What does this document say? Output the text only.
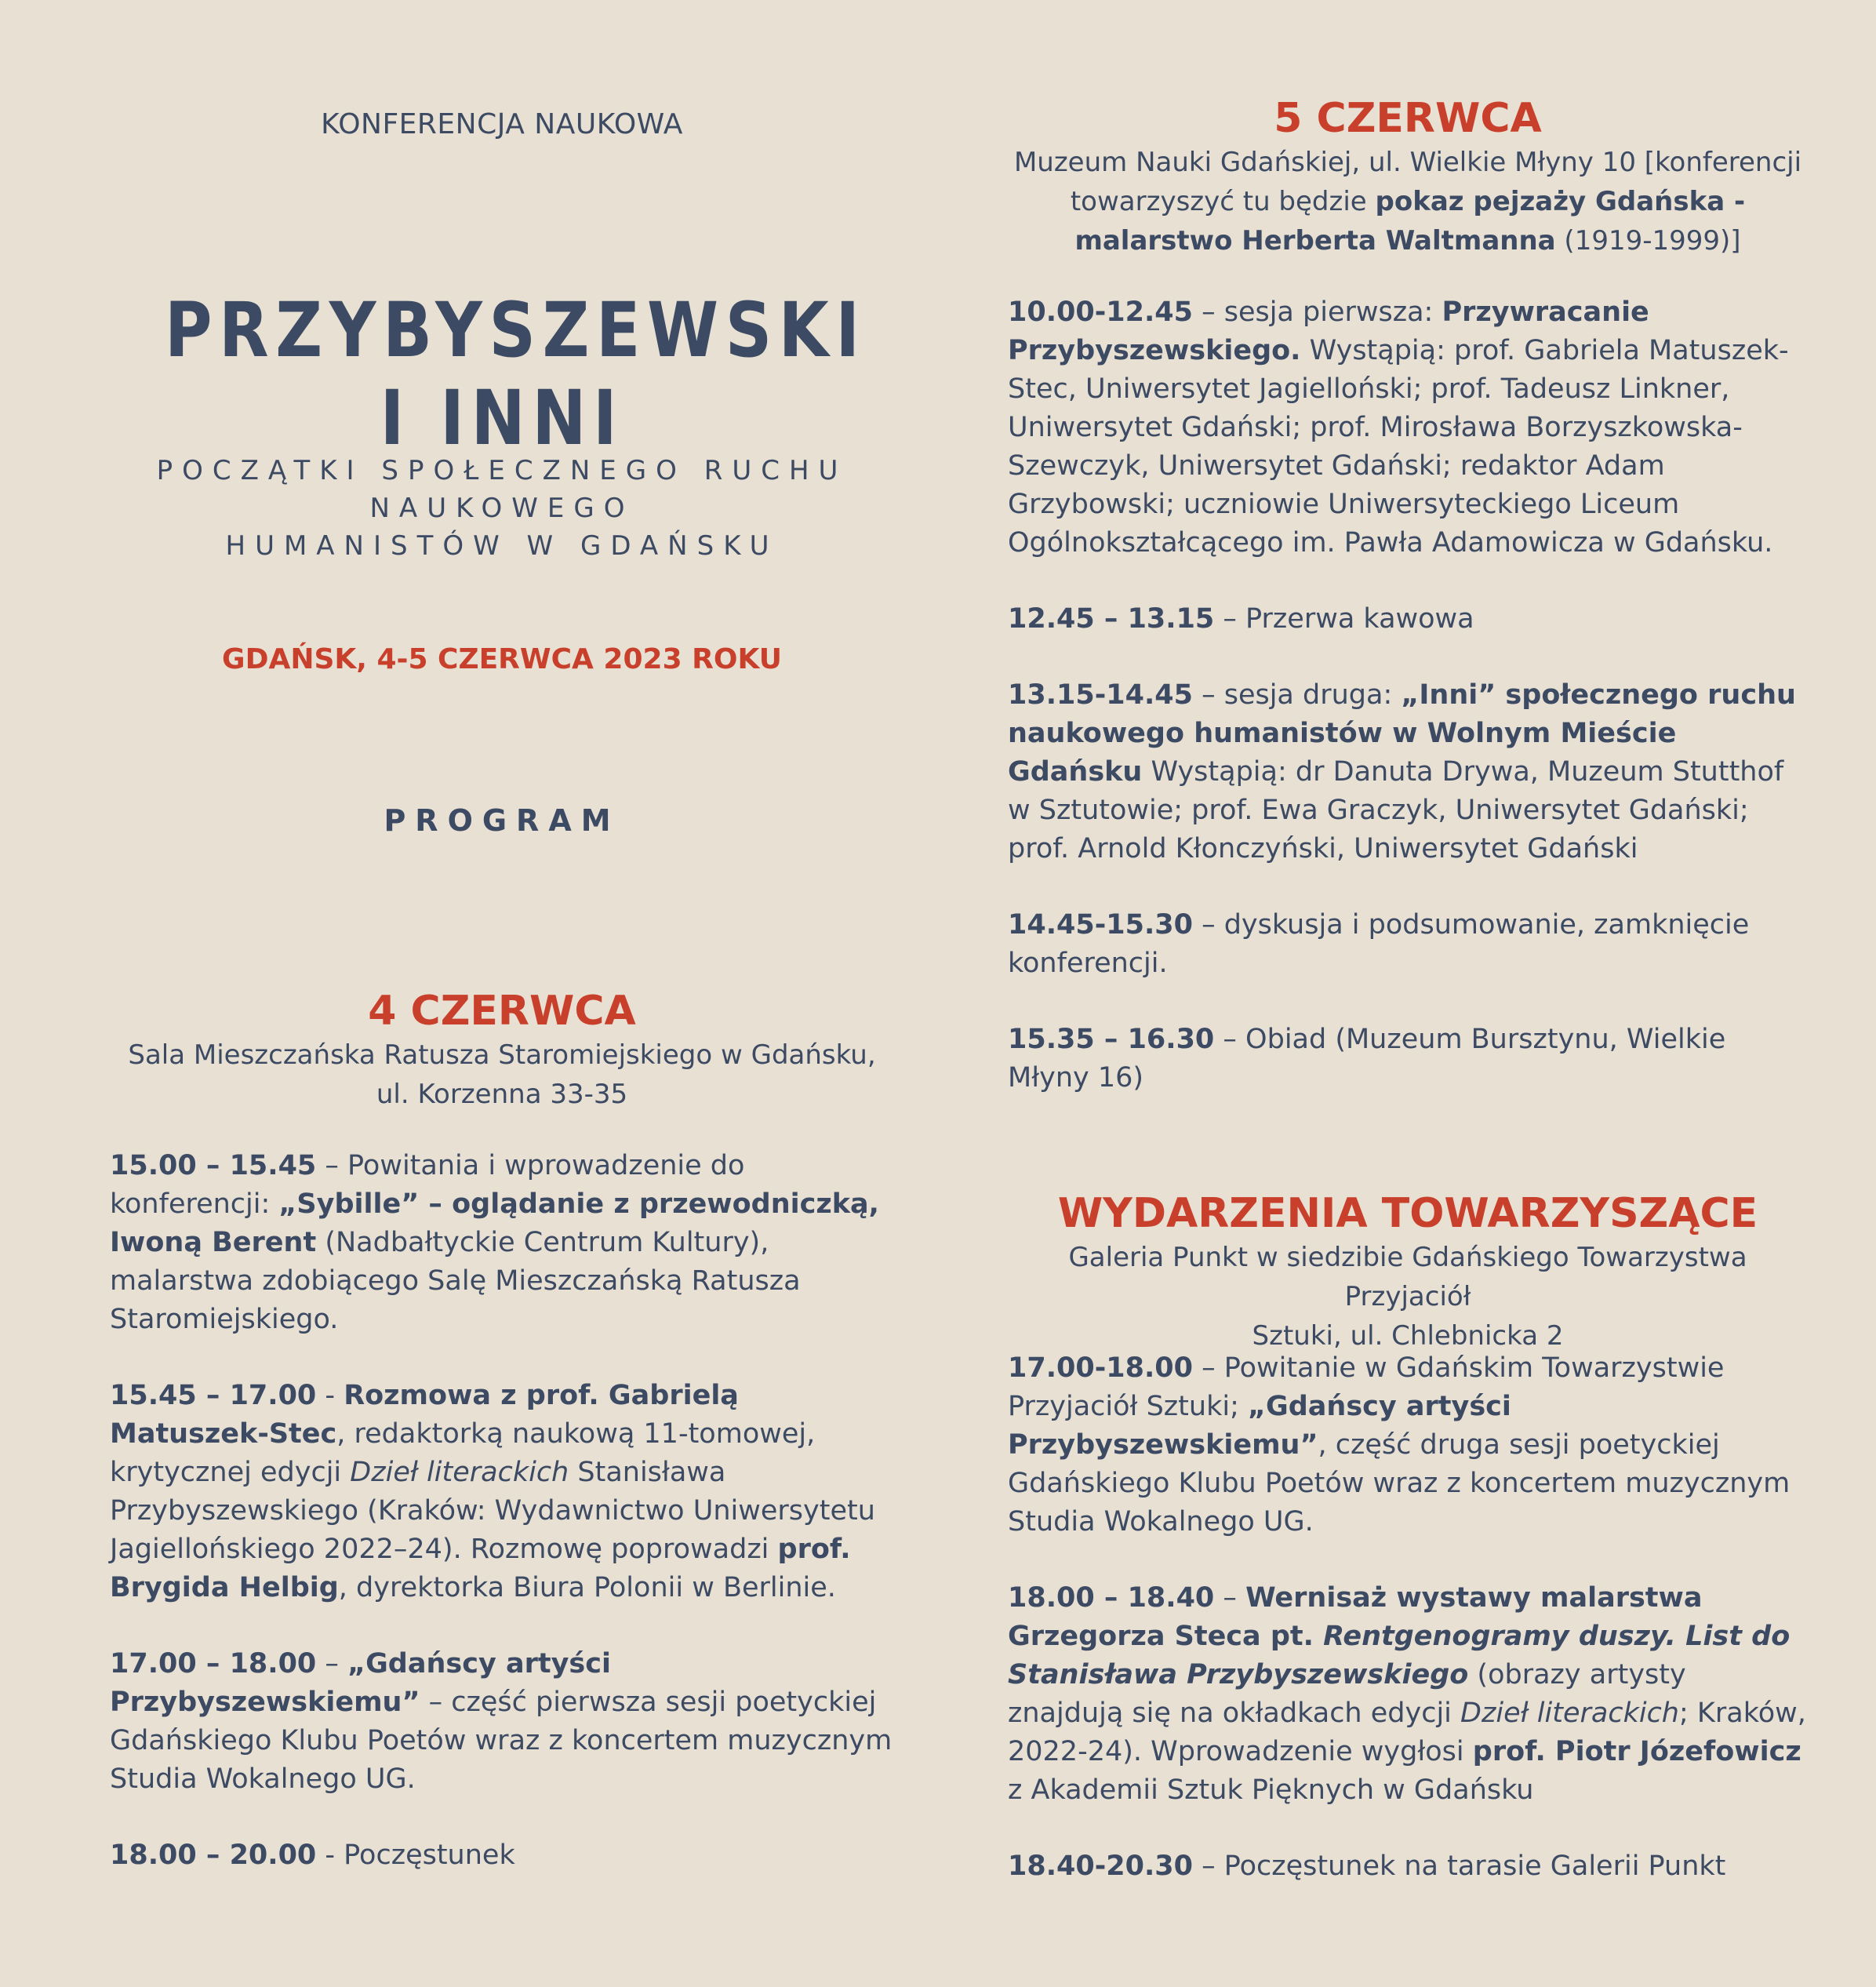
KONFERENCJA NAUKOWA
PRZYBYSZEWSKI I INNI
POCZĄTKI SPOŁECZNEGO RUCHU NAUKOWEGO
HUMANISTÓW W GDAŃSKU
GDAŃSK, 4-5 CZERWCA 2023 ROKU
PROGRAM

4 CZERWCA

Sala Mieszczańska Ratusza Staromiejskiego w Gdańsku,
ul. Korzenna 33-35

15.00 – 15.45 – Powitania i wprowadzenie do konferencji: „Sybille” – oglądanie z przewodniczką, Iwoną Berent (Nadbałtyckie Centrum Kultury), malarstwa zdobiącego Salę Mieszczańską Ratusza Staromiejskiego.

15.45 – 17.00 - Rozmowa z prof. Gabrielą Matuszek-Stec, redaktorką naukową 11-tomowej, krytycznej edycji Dzieł literackich Stanisława Przybyszewskiego (Kraków: Wydawnictwo Uniwersytetu Jagiellońskiego 2022–24). Rozmowę poprowadzi prof. Brygida Helbig, dyrektorka Biura Polonii w Berlinie.

17.00 – 18.00 – „Gdańscy artyści Przybyszewskiemu” – część pierwsza sesji poetyckiej Gdańskiego Klubu Poetów wraz z koncertem muzycznym Studia Wokalnego UG.

18.00 – 20.00 - Poczęstunek

5 CZERWCA

Muzeum Nauki Gdańskiej, ul. Wielkie Młyny 10 [konferencji towarzyszyć tu będzie pokaz pejzaży Gdańska - malarstwo Herberta Waltmanna (1919-1999)]

10.00-12.45 – sesja pierwsza: Przywracanie Przybyszewskiego. Wystąpią: prof. Gabriela Matuszek-Stec, Uniwersytet Jagielloński; prof. Tadeusz Linkner, Uniwersytet Gdański; prof. Mirosława Borzyszkowska-Szewczyk, Uniwersytet Gdański; redaktor Adam Grzybowski; uczniowie Uniwersyteckiego Liceum Ogólnokształcącego im. Pawła Adamowicza w Gdańsku.

12.45 – 13.15 – Przerwa kawowa

13.15-14.45 – sesja druga: „Inni” społecznego ruchu naukowego humanistów w Wolnym Mieście Gdańsku Wystąpią: dr Danuta Drywa, Muzeum Stutthof w Sztutowie; prof. Ewa Graczyk, Uniwersytet Gdański; prof. Arnold Kłonczyński, Uniwersytet Gdański

14.45-15.30 – dyskusja i podsumowanie, zamknięcie konferencji.

15.35 – 16.30 – Obiad (Muzeum Bursztynu, Wielkie Młyny 16)

WYDARZENIA TOWARZYSZĄCE

Galeria Punkt w siedzibie Gdańskiego Towarzystwa Przyjaciół
Sztuki, ul. Chlebnicka 2

17.00-18.00 – Powitanie w Gdańskim Towarzystwie Przyjaciół Sztuki; „Gdańscy artyści Przybyszewskiemu”, część druga sesji poetyckiej Gdańskiego Klubu Poetów wraz z koncertem muzycznym Studia Wokalnego UG.

18.00 – 18.40 – Wernisaż wystawy malarstwa Grzegorza Steca pt. Rentgenogramy duszy. List do Stanisława Przybyszewskiego (obrazy artysty znajdują się na okładkach edycji Dzieł literackich; Kraków, 2022-24). Wprowadzenie wygłosi prof. Piotr Józefowicz z Akademii Sztuk Pięknych w Gdańsku

18.40-20.30 – Poczęstunek na tarasie Galerii Punkt
